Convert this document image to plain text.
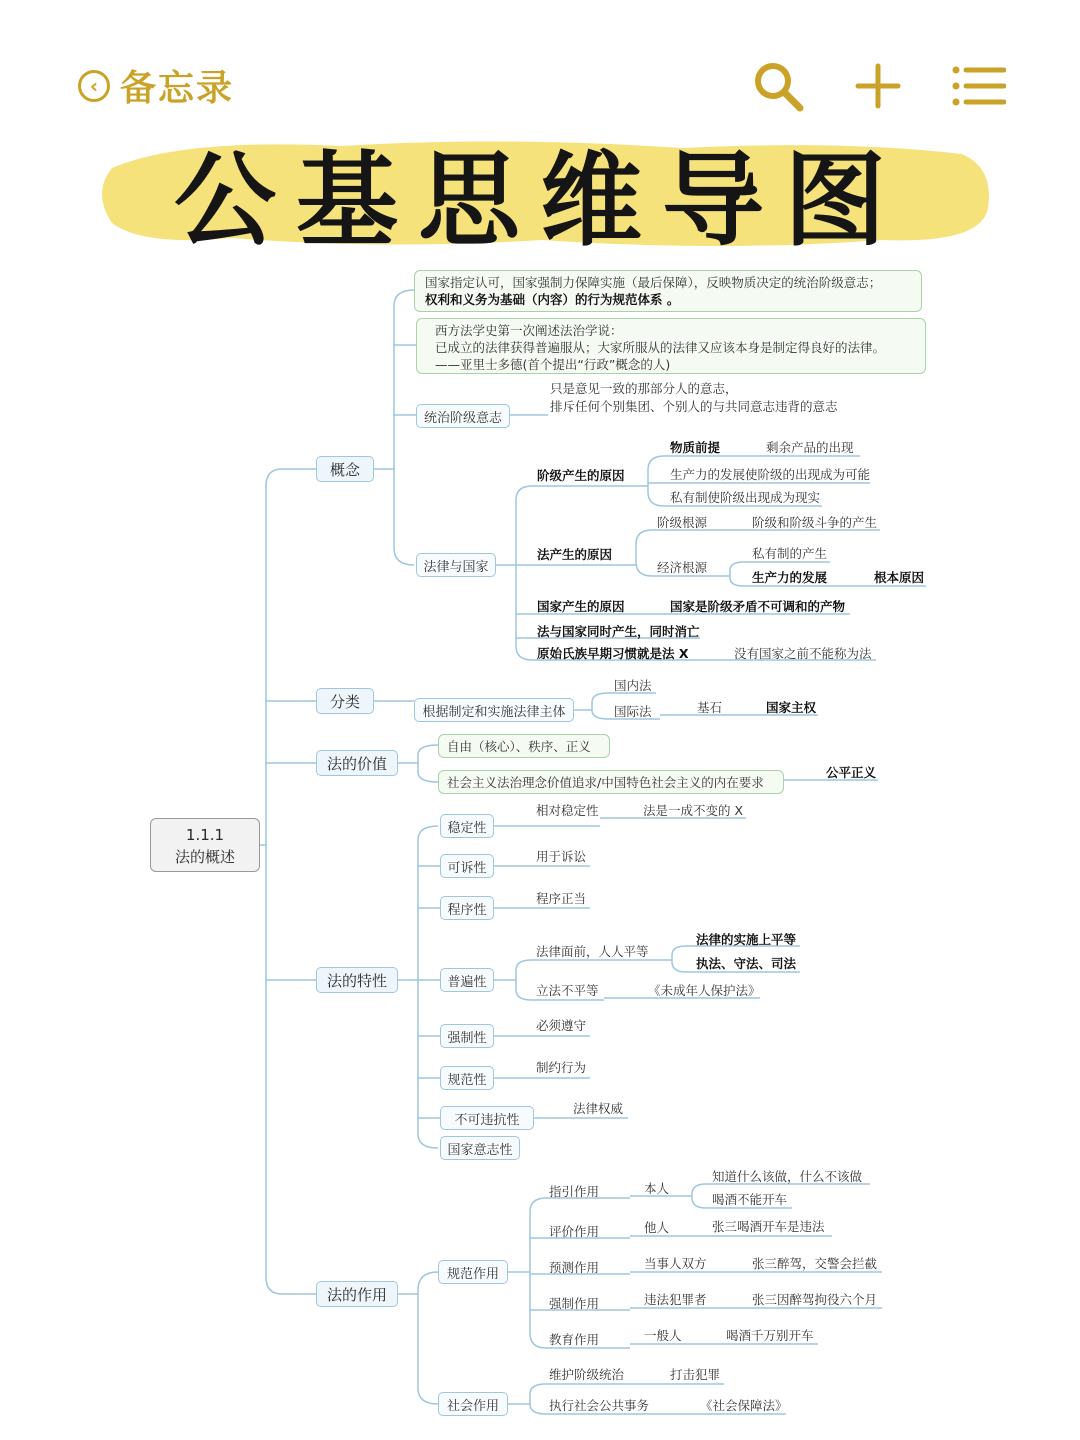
‹ 备忘录
公基思维导图
1.1.1
法的概述
概念
分类
法的价值
法的特性
法的作用
国家指定认可，国家强制力保障实施（最后保障），反映物质决定的统治阶级意志；
权利和义务为基础（内容）的行为规范体系 。
西方法学史第一次阐述法治学说：
已成立的法律获得普遍服从；大家所服从的法律又应该本身是制定得良好的法律。
——亚里士多德(首个提出“行政”概念的人)
统治阶级意志
只是意见一致的那部分人的意志，
排斥任何个别集团、个别人的与共同意志违背的意志
法律与国家
阶级产生的原因
物质前提	剩余产品的出现
生产力的发展使阶级的出现成为可能
私有制使阶级出现成为现实
法产生的原因
阶级根源	阶级和阶级斗争的产生
经济根源
私有制的产生
生产力的发展	根本原因
国家产生的原因	国家是阶级矛盾不可调和的产物
法与国家同时产生，同时消亡
原始氏族早期习惯就是法 X	没有国家之前不能称为法
根据制定和实施法律主体
国内法
国际法	基石	国家主权
自由（核心）、秩序、正义
社会主义法治理念价值追求/中国特色社会主义的内在要求
公平正义
稳定性
相对稳定性	法是一成不变的 X
可诉性
用于诉讼
程序性
程序正当
普遍性
法律面前，人人平等
法律的实施上平等
执法、守法、司法
立法不平等	《未成年人保护法》
强制性
必须遵守
规范性
制约行为
不可违抗性
法律权威
国家意志性
规范作用
指引作用	本人
知道什么该做，什么不该做
喝酒不能开车
评价作用	他人	张三喝酒开车是违法
预测作用	当事人双方	张三醉驾，交警会拦截
强制作用	违法犯罪者	张三因醉驾拘役六个月
教育作用	一般人	喝酒千万别开车
社会作用
维护阶级统治	打击犯罪
执行社会公共事务	《社会保障法》
